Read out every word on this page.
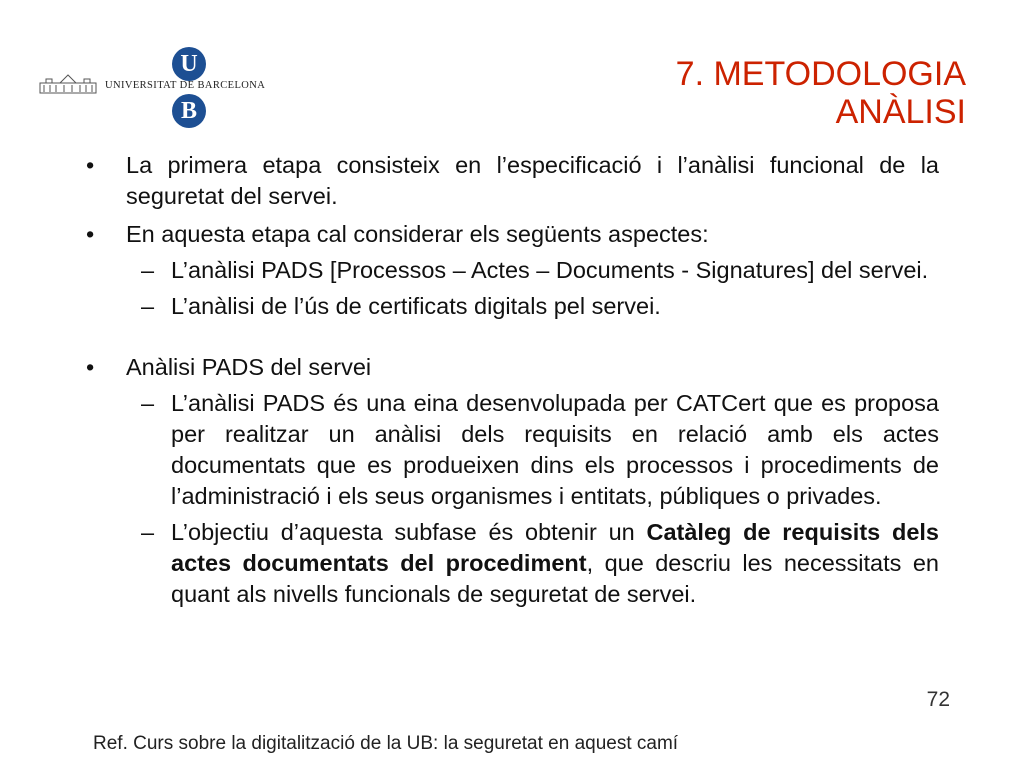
U
UNIVERSITAT DE BARCELONA
B
7. METODOLOGIA
ANÀLISI
• La primera etapa consisteix en l’especificació i l’anàlisi funcional de la seguretat del servei.
• En aquesta etapa cal considerar els següents aspectes:
– L’anàlisi PADS [Processos – Actes – Documents - Signatures] del servei.
– L’anàlisi de l’ús de certificats digitals pel servei.
• Anàlisi PADS del servei
– L’anàlisi PADS és una eina desenvolupada per CATCert que es proposa per realitzar un anàlisi dels requisits en relació amb els actes documentats que es produeixen dins els processos i procediments de l’administració i els seus organismes i entitats, públiques o privades.
– L’objectiu d’aquesta subfase és obtenir un Catàleg de requisits dels actes documentats del procediment, que descriu les necessitats en quant als nivells funcionals de seguretat de servei.
72
Ref. Curs sobre la digitalització de la UB: la seguretat en aquest camí
